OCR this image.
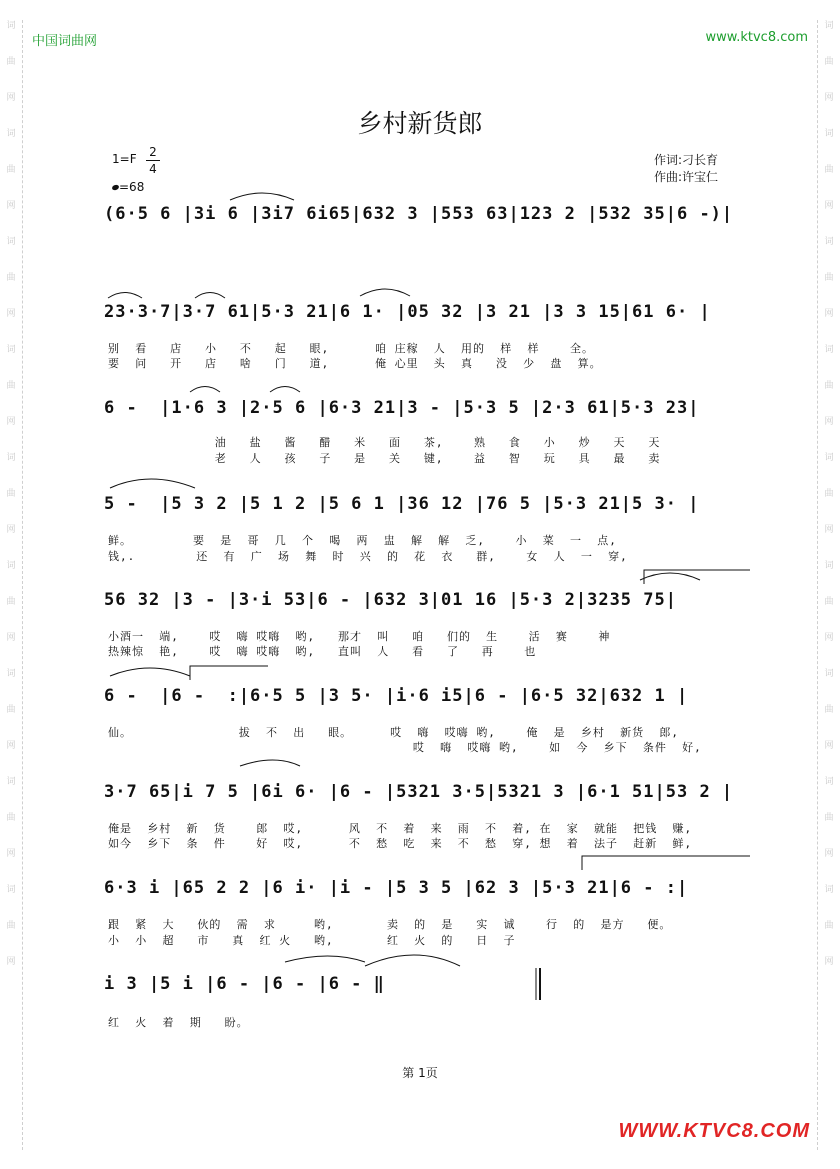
词
曲
网
词
曲
网
词
曲
网
词
曲
网
词
曲
网
词
曲
网
词
曲
网
词
曲
网
词
曲
网
词
曲
网
词
曲
网
词
曲
网
词
曲
网
词
曲
网
词
曲
网
词
曲
网
词
曲
网
词
曲
网
中国词曲网	www.ktvc8.com
乡村新货郎
1=F 2
4
=68
作词:刁长育
作曲:许宝仁
(6·5 6 |3i 6 |3i7 6i65|632 3 |553 63|123 2 |532 35|6 -)|
23·3·7|3·7 61|5·3 21|6 1· |05 32 |3 21 |3 3 15|61 6· |
别  看   店   小   不   起   眼,      咱 庄稼  人  用的  样  样    全。
要  问   开   店   啥   门   道,      俺 心里  头  真   没  少  盘  算。
6 -  |1·6 3 |2·5 6 |6·3 21|3 - |5·3 5 |2·3 61|5·3 23|
油   盐   酱   醋   米   面   茶,    熟   食   小   炒   天   天
老   人   孩   子   是   关   键,    益   智   玩   具   最   卖
5 -  |5 3 2 |5 1 2 |5 6 1 |36 12 |76 5 |5·3 21|5 3· |
鲜。        要  是  哥  几  个  喝  两  盅  解  解  乏,    小  菜  一  点,
钱,.        还  有  广  场  舞  时  兴  的  花  衣   群,    女  人  一  穿,
56 32 |3 - |3·i 53|6 - |632 3|01 16 |5·3 2|3235 75|
小酒一  端,    哎  嗨 哎嗨  哟,   那才  叫   咱   们的  生    活  赛    神
热辣惊  艳,    哎  嗨 哎嗨  哟,   直叫  人   看   了   再    也
6 -  |6 -  :|6·5 5 |3 5· |i·6 i5|6 - |6·5 32|632 1 |
仙。              拔  不  出   眼。     哎  嗨  哎嗨 哟,    俺  是  乡村  新货  郎,
哎  嗨  哎嗨 哟,    如  今  乡下  条件  好,
3·7 65|i 7 5 |6i 6· |6 - |5321 3·5|5321 3 |6·1 51|53 2 |
俺是  乡村  新  货    郎  哎,      风  不  着  来  雨  不  着, 在  家  就能  把钱  赚,
如今  乡下  条  件    好  哎,      不  愁  吃  来  不  愁  穿, 想  着  法子  赶新  鲜,
6·3 i |65 2 2 |6 i· |i - |5 3 5 |62 3 |5·3 21|6 - :|
跟  紧  大   伙的  需  求     哟,       卖  的  是   实  诚    行  的  是方   便。
小  小  超   市   真  红 火   哟,       红  火  的   日  子
i 3 |5 i |6 - |6 - |6 - ‖
红  火  着  期   盼。
第 1页
WWW.KTVC8.COM
